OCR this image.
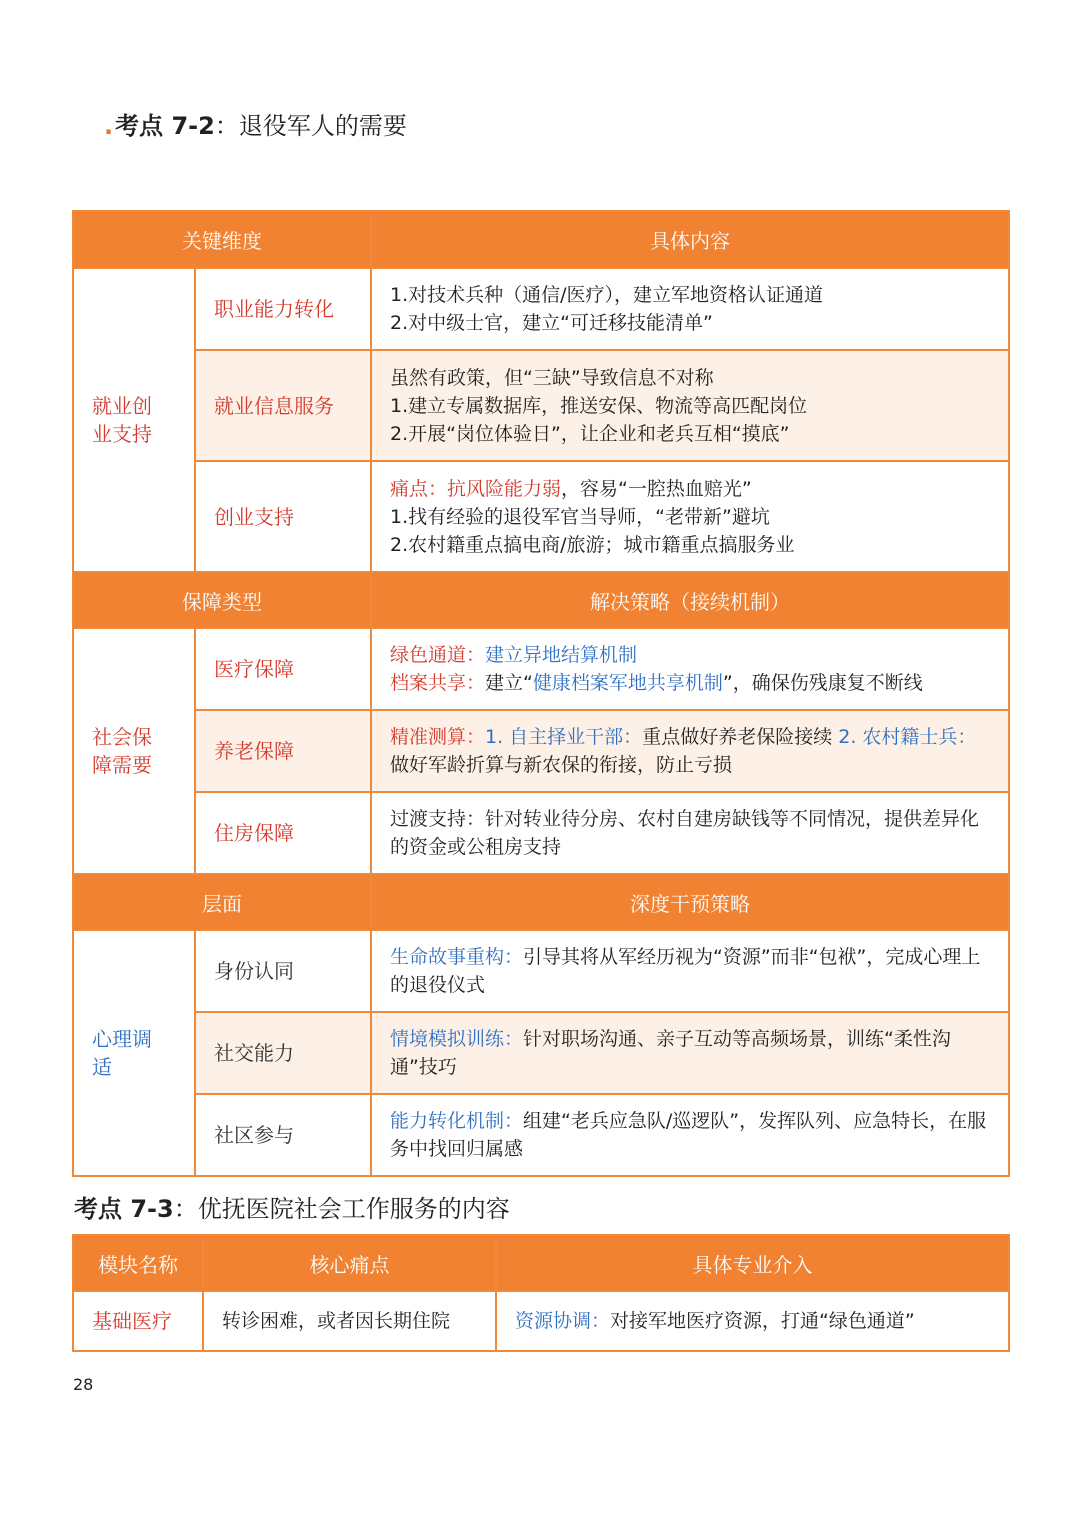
.考点 7-2：退役军人的需要
关键维度		具体内容

就业创业支持	职业能力转化	1.对技术兵种（通信/医疗），建立军地资格认证通道
2.对中级士官，建立“可迁移技能清单”

	就业信息服务	虽然有政策，但“三缺”导致信息不对称
1.建立专属数据库，推送安保、物流等高匹配岗位
2.开展“岗位体验日”，让企业和老兵互相“摸底”

	创业支持	痛点：抗风险能力弱，容易“一腔热血赔光”
1.找有经验的退役军官当导师，“老带新”避坑
2.农村籍重点搞电商/旅游；城市籍重点搞服务业

保障类型		解决策略（接续机制）

社会保障需要	医疗保障	绿色通道：建立异地结算机制
档案共享：建立“健康档案军地共享机制”，确保伤残康复不断线

	养老保障	精准测算：1. 自主择业干部：重点做好养老保险接续 2. 农村籍士兵：做好军龄折算与新农保的衔接，防止亏损

	住房保障	过渡支持：针对转业待分房、农村自建房缺钱等不同情况，提供差异化的资金或公租房支持

层面		深度干预策略

心理调适	身份认同	生命故事重构：引导其将从军经历视为“资源”而非“包袱”，完成心理上的退役仪式

	社交能力	情境模拟训练：针对职场沟通、亲子互动等高频场景，训练“柔性沟通”技巧

	社区参与	能力转化机制：组建“老兵应急队/巡逻队”，发挥队列、应急特长，在服务中找回归属感
考点 7-3：优抚医院社会工作服务的内容
模块名称	核心痛点	具体专业介入
基础医疗	转诊困难，或者因长期住院	资源协调：对接军地医疗资源，打通“绿色通道”
28
